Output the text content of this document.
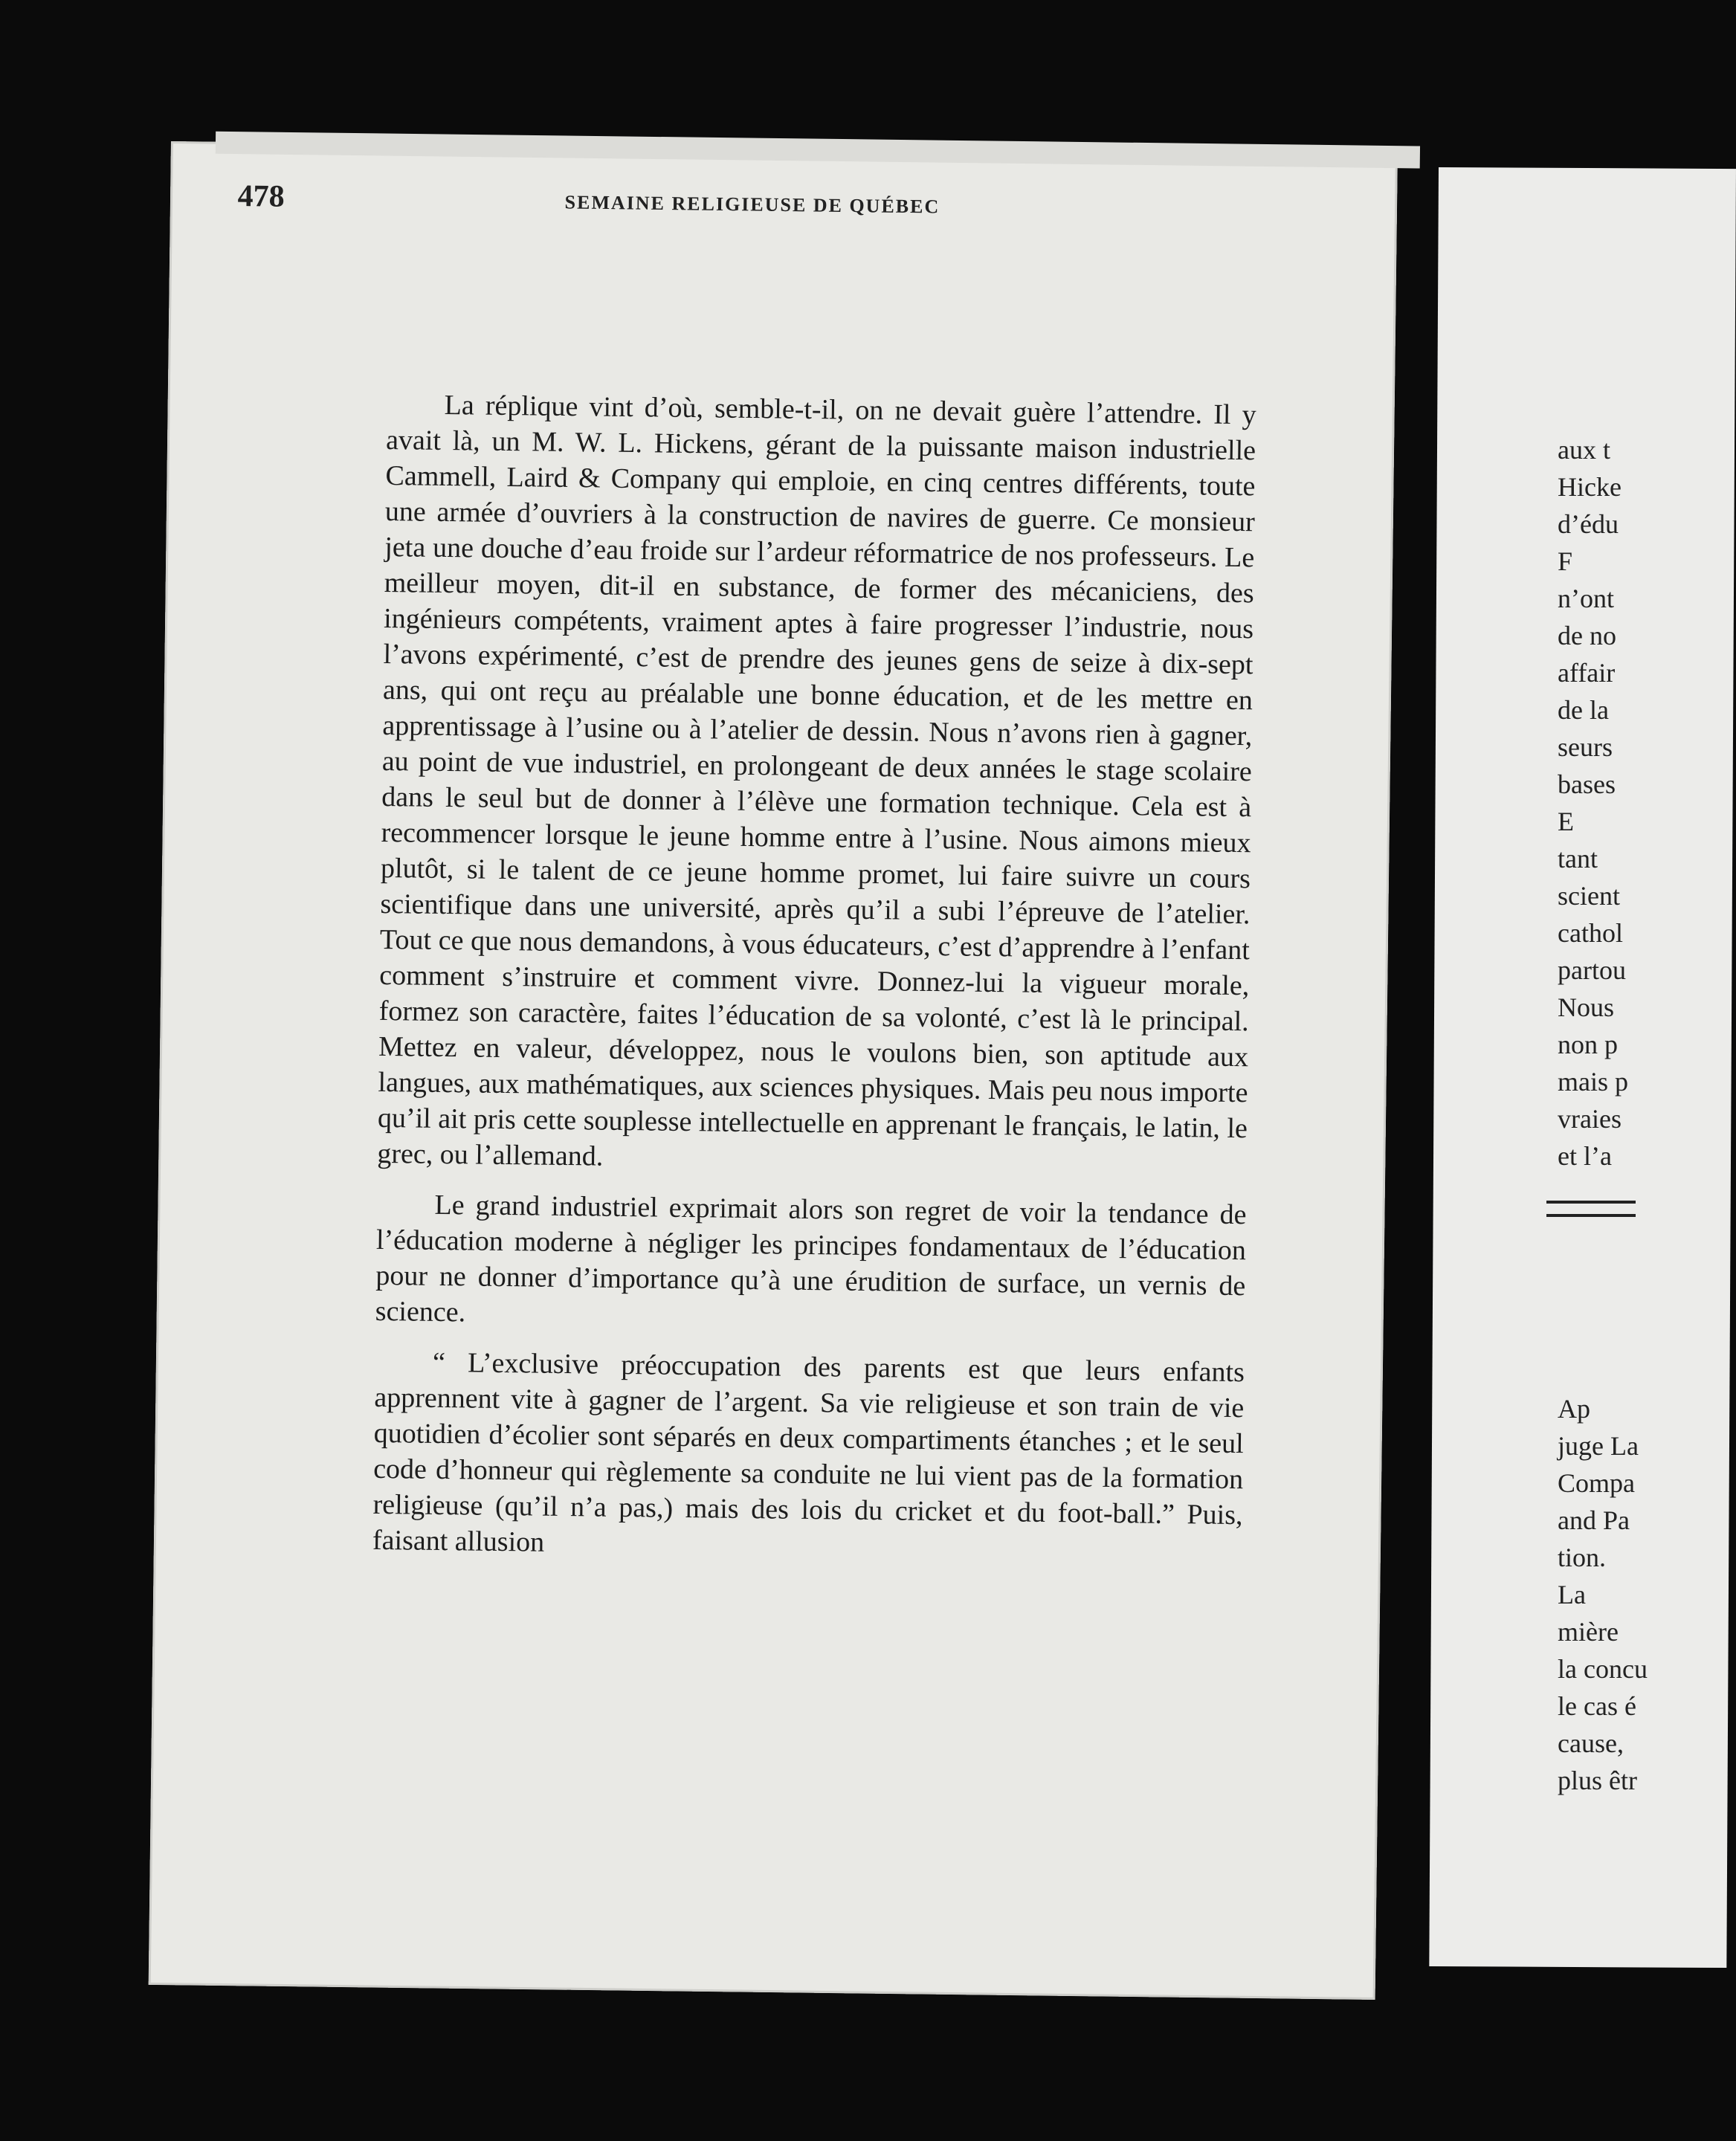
478	SEMAINE RELIGIEUSE DE QUÉBEC

La réplique vint d’où, semble-t-il, on ne devait guère l’attendre. Il y avait là, un M. W. L. Hickens, gérant de la puissante maison industrielle Cammell, Laird & Company qui emploie, en cinq centres différents, toute une armée d’ouvriers à la construction de navires de guerre. Ce monsieur jeta une douche d’eau froide sur l’ardeur réformatrice de nos professeurs. Le meilleur moyen, dit-il en substance, de former des mécaniciens, des ingénieurs compétents, vraiment aptes à faire progresser l’industrie, nous l’avons expérimenté, c’est de prendre des jeunes gens de seize à dix-sept ans, qui ont reçu au préalable une bonne éducation, et de les mettre en apprentissage à l’usine ou à l’atelier de dessin. Nous n’avons rien à gagner, au point de vue industriel, en prolongeant de deux années le stage scolaire dans le seul but de donner à l’élève une formation technique. Cela est à recommencer lorsque le jeune homme entre à l’usine. Nous aimons mieux plutôt, si le talent de ce jeune homme promet, lui faire suivre un cours scientifique dans une université, après qu’il a subi l’épreuve de l’atelier. Tout ce que nous demandons, à vous éducateurs, c’est d’apprendre à l’enfant comment s’instruire et comment vivre. Donnez-lui la vigueur morale, formez son caractère, faites l’éducation de sa volonté, c’est là le principal. Mettez en valeur, développez, nous le voulons bien, son aptitude aux langues, aux mathématiques, aux sciences physiques. Mais peu nous importe qu’il ait pris cette souplesse intellectuelle en apprenant le français, le latin, le grec, ou l’allemand.

Le grand industriel exprimait alors son regret de voir la tendance de l’éducation moderne à négliger les principes fondamentaux de l’éducation pour ne donner d’importance qu’à une érudition de surface, un vernis de science.

“ L’exclusive préoccupation des parents est que leurs enfants apprennent vite à gagner de l’argent. Sa vie religieuse et son train de vie quotidien d’écolier sont séparés en deux compartiments étanches ; et le seul code d’honneur qui règlemente sa conduite ne lui vient pas de la formation religieuse (qu’il n’a pas,) mais des lois du cricket et du foot-ball.” Puis, faisant allusion

aux t
Hicke
d’édu
F
n’ont
de no
affair
de la
seurs
bases
E
tant
scient
cathol
partou
Nous
non p
mais p
vraies
et l’a
Ap
juge La
Compa
and Pa
tion.
La
mière
la concu
le cas é
cause,
plus êtr
